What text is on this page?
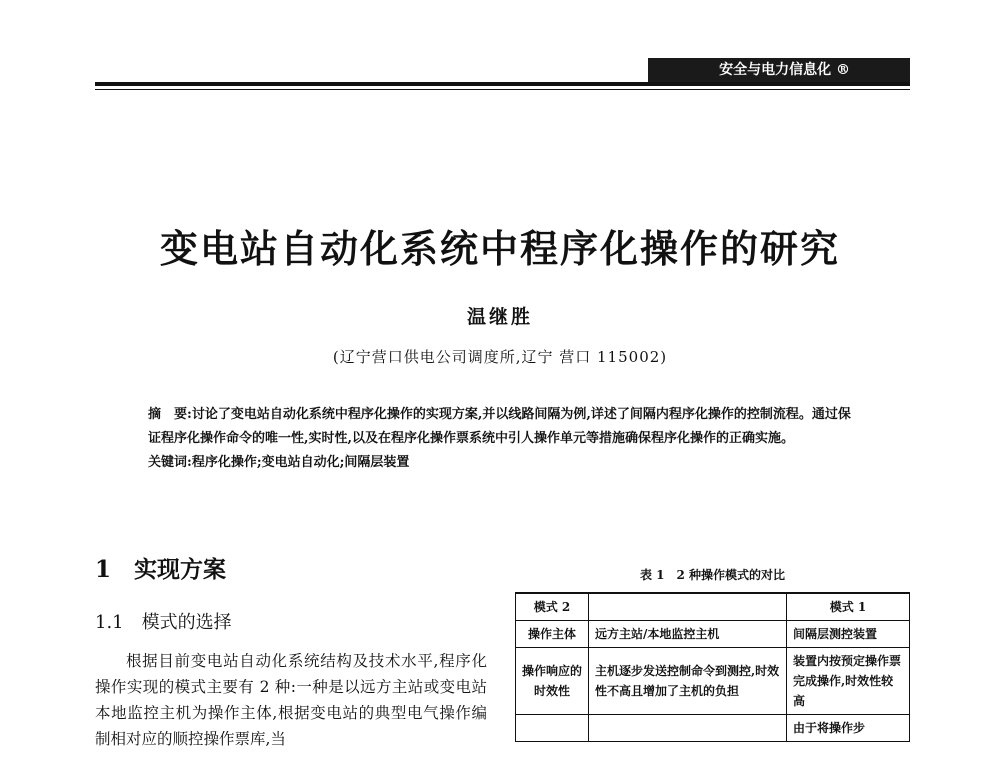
安全与电力信息化 ®
变电站自动化系统中程序化操作的研究
温继胜
(辽宁营口供电公司调度所,辽宁 营口 115002)

摘　要:讨论了变电站自动化系统中程序化操作的实现方案,并以线路间隔为例,详述了间隔内程序化操作的控制流程。通过保证程序化操作命令的唯一性,实时性,以及在程序化操作票系统中引人操作单元等措施确保程序化操作的正确实施。

关键词:程序化操作;变电站自动化;间隔层装置

1　实现方案
1.1　模式的选择

根据目前变电站自动化系统结构及技术水平,程序化操作实现的模式主要有 2 种:一种是以远方主站或变电站本地监控主机为操作主体,根据变电站的典型电气操作编制相对应的顺控操作票库,当

表 1　2 种操作模式的对比
模式 2		模式 1
操作主体	远方主站/本地监控主机	间隔层测控装置
操作响应的时效性	主机逐步发送控制命令到测控,时效性不高且增加了主机的负担	装置内按预定操作票完成操作,时效性较高
		由于将操作步
